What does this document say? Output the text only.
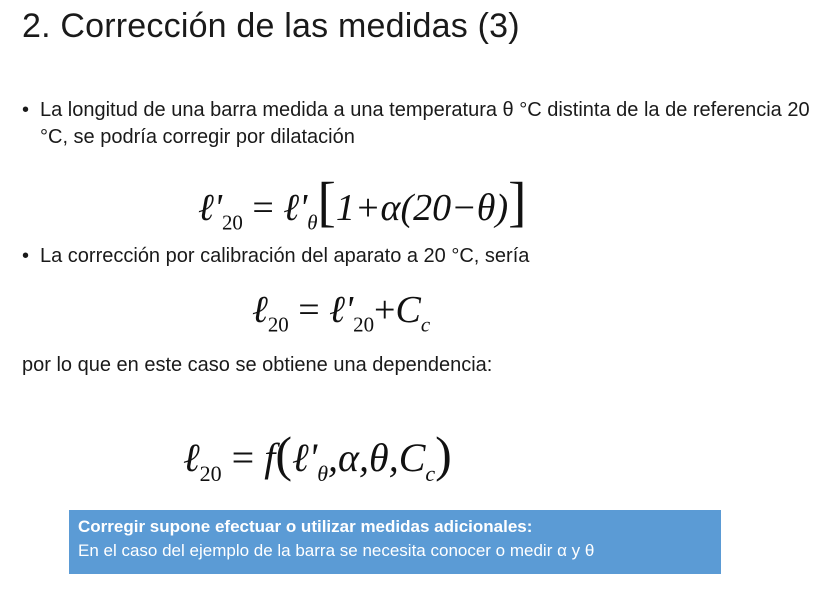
2. Corrección de las medidas (3)
• La longitud de una barra medida a una temperatura θ °C distinta de la de referencia 20 °C, se podría corregir por dilatación
$\ell'_{20}$ = $\ell'_\theta[1+\alpha(20-\theta)]$
• La corrección por calibración del aparato a 20 °C, sería
ℓ$_{20}$ = $\ell'_{20}+C_c$
por lo que en este caso se obtiene una dependencia:
ℓ$_{20}$ = $f(\ell'_\theta,\alpha,\theta,C_c)$
Corregir supone efectuar o utilizar medidas adicionales:
En el caso del ejemplo de la barra se necesita conocer o medir α y θ
